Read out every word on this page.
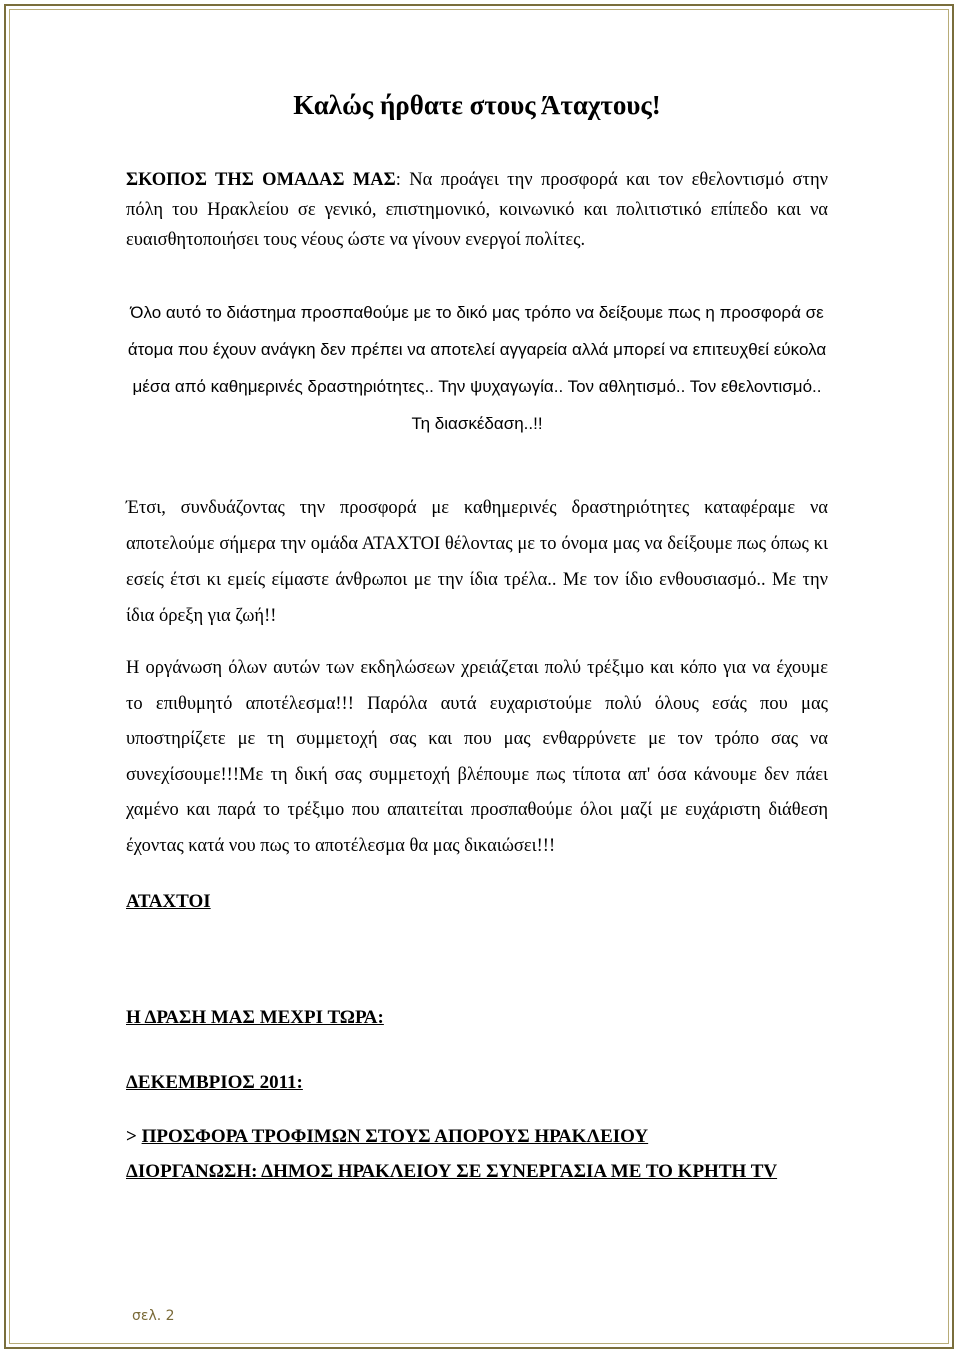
Καλώς ήρθατε στους Άταχτους!

ΣΚΟΠΟΣ ΤΗΣ ΟΜΑΔΑΣ ΜΑΣ: Να προάγει την προσφορά και τον εθελοντισμό στην πόλη του Ηρακλείου σε γενικό, επιστημονικό, κοινωνικό και πολιτιστικό επίπεδο και να ευαισθητοποιήσει τους νέους ώστε να γίνουν ενεργοί πολίτες.

Όλο αυτό το διάστημα προσπαθούμε με το δικό μας τρόπο να δείξουμε πως η προσφορά σε άτομα που έχουν ανάγκη δεν πρέπει να αποτελεί αγγαρεία αλλά μπορεί να επιτευχθεί εύκολα μέσα από καθημερινές δραστηριότητες.. Την ψυχαγωγία.. Τον αθλητισμό.. Τον εθελοντισμό.. Τη διασκέδαση..!!

Έτσι, συνδυάζοντας την προσφορά με καθημερινές δραστηριότητες καταφέραμε να αποτελούμε σήμερα την ομάδα ΑΤΑΧΤΟΙ θέλοντας με το όνομα μας να δείξουμε πως όπως κι εσείς έτσι κι εμείς είμαστε άνθρωποι με την ίδια τρέλα.. Με τον ίδιο ενθουσιασμό.. Με την ίδια όρεξη για ζωή!!

Η οργάνωση όλων αυτών των εκδηλώσεων χρειάζεται πολύ τρέξιμο και κόπο για να έχουμε το επιθυμητό αποτέλεσμα!!! Παρόλα αυτά ευχαριστούμε πολύ όλους εσάς που μας υποστηρίζετε με τη συμμετοχή σας και που μας ενθαρρύνετε με τον τρόπο σας να συνεχίσουμε!!!Με τη δική σας συμμετοχή βλέπουμε πως τίποτα απ' όσα κάνουμε δεν πάει χαμένο και παρά το τρέξιμο που απαιτείται προσπαθούμε όλοι μαζί με ευχάριστη διάθεση έχοντας κατά νου πως το αποτέλεσμα θα μας δικαιώσει!!!

ΑΤΑΧΤΟΙ

Η ΔΡΑΣΗ ΜΑΣ ΜΕΧΡΙ ΤΩΡΑ:

ΔΕΚΕΜΒΡΙΟΣ 2011:

> ΠΡΟΣΦΟΡΑ ΤΡΟΦΙΜΩΝ ΣΤΟΥΣ ΑΠΟΡΟΥΣ ΗΡΑΚΛΕΙΟΥ
ΔΙΟΡΓΑΝΩΣΗ: ΔΗΜΟΣ ΗΡΑΚΛΕΙΟΥ ΣΕ ΣΥΝΕΡΓΑΣΙΑ ΜΕ ΤΟ ΚΡΗΤΗ ΤV

σελ. 2
